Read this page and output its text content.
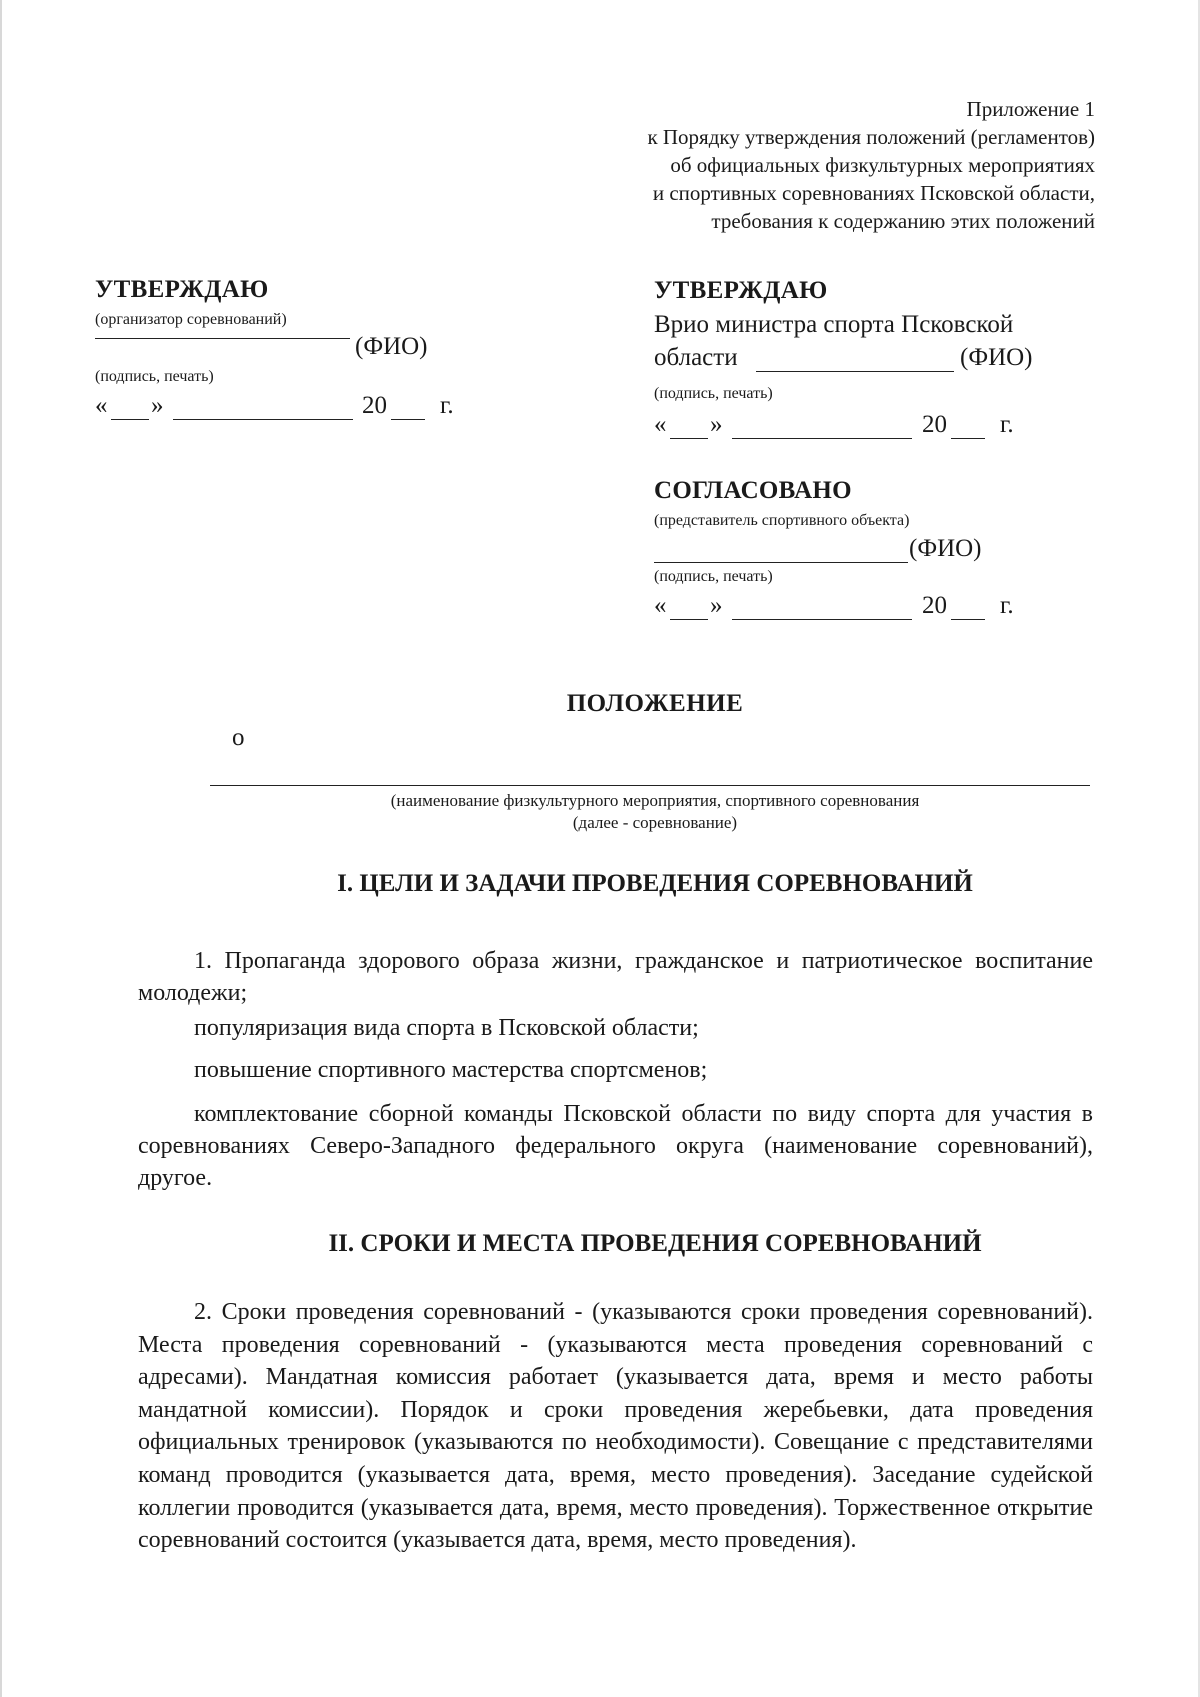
Приложение 1
к Порядку утверждения положений (регламентов)
об официальных физкультурных мероприятиях
и спортивных соревнованиях Псковской области,
требования к содержанию этих положений
УТВЕРЖДАЮ
(организатор соревнований)
(ФИО)
(подпись, печать)
« »	20 г.
УТВЕРЖДАЮ
Врио министра спорта Псковской
области	(ФИО)
(подпись, печать)
« »	20 г.
СОГЛАСОВАНО
(представитель спортивного объекта)
(ФИО)
(подпись, печать)
« »	20 г.
ПОЛОЖЕНИЕ
о
(наименование физкультурного мероприятия, спортивного соревнования
(далее - соревнование)
I. ЦЕЛИ И ЗАДАЧИ ПРОВЕДЕНИЯ СОРЕВНОВАНИЙ
1. Пропаганда здорового образа жизни, гражданское и патриотическое воспитание молодежи;
популяризация вида спорта в Псковской области;
повышение спортивного мастерства спортсменов;
комплектование сборной команды Псковской области по виду спорта для участия в соревнованиях Северо-Западного федерального округа (наименование соревнований), другое.
II. СРОКИ И МЕСТА ПРОВЕДЕНИЯ СОРЕВНОВАНИЙ
2. Сроки проведения соревнований - (указываются сроки проведения соревнований). Места проведения соревнований - (указываются места проведения соревнований с адресами). Мандатная комиссия работает (указывается дата, время и место работы мандатной комиссии). Порядок и сроки проведения жеребьевки, дата проведения официальных тренировок (указываются по необходимости). Совещание с представителями команд проводится (указывается дата, время, место проведения). Заседание судейской коллегии проводится (указывается дата, время, место проведения). Торжественное открытие соревнований состоится (указывается дата, время, место проведения).
